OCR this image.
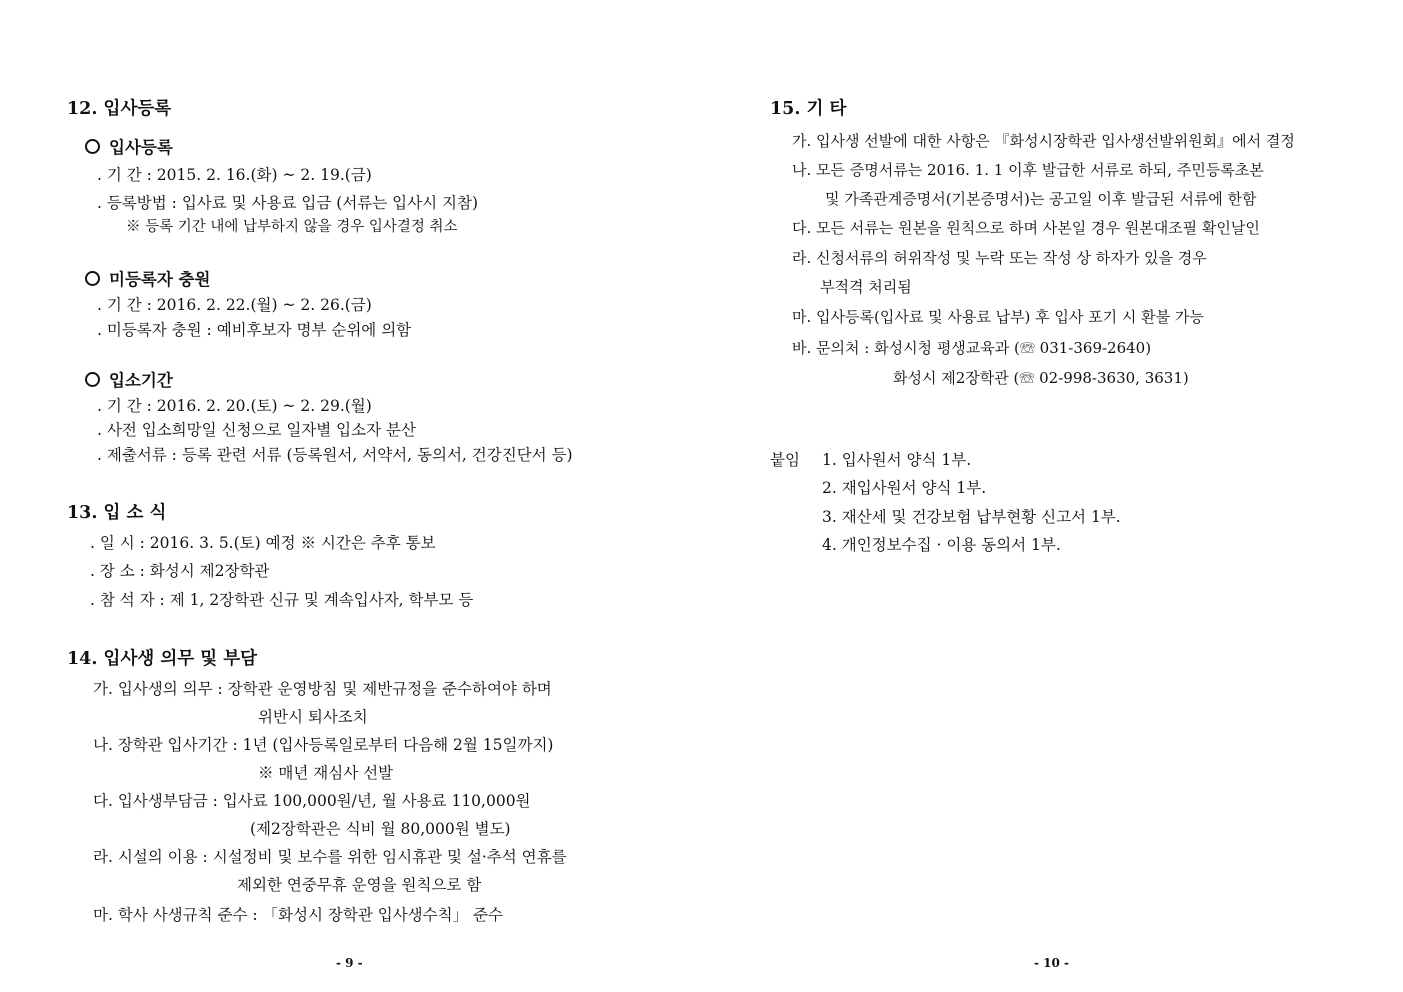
12. 입사등록
입사등록
. 기 간 : 2015. 2. 16.(화) ~ 2. 19.(금)
. 등록방법 : 입사료 및 사용료 입금 (서류는 입사시 지참)
※ 등록 기간 내에 납부하지 않을 경우 입사결정 취소
미등록자 충원
. 기 간 : 2016. 2. 22.(월) ~ 2. 26.(금)
. 미등록자 충원 : 예비후보자 명부 순위에 의함
입소기간
. 기 간 : 2016. 2. 20.(토) ~ 2. 29.(월)
. 사전 입소희망일 신청으로 일자별 입소자 분산
. 제출서류 : 등록 관련 서류 (등록원서, 서약서, 동의서, 건강진단서 등)
13. 입 소 식
. 일 시 : 2016. 3. 5.(토) 예정 ※ 시간은 추후 통보
. 장 소 : 화성시 제2장학관
. 참 석 자 : 제 1, 2장학관 신규 및 계속입사자, 학부모 등
14. 입사생 의무 및 부담
가. 입사생의 의무 : 장학관 운영방침 및 제반규정을 준수하여야 하며
위반시 퇴사조치
나. 장학관 입사기간 : 1년 (입사등록일로부터 다음해 2월 15일까지)
※ 매년 재심사 선발
다. 입사생부담금 : 입사료 100,000원/년, 월 사용료 110,000원
(제2장학관은 식비 월 80,000원 별도)
라. 시설의 이용 : 시설정비 및 보수를 위한 임시휴관 및 설·추석 연휴를
제외한 연중무휴 운영을 원칙으로 함
마. 학사 사생규칙 준수 : 「화성시 장학관 입사생수칙」 준수
- 9 -
15. 기 타
가. 입사생 선발에 대한 사항은 『화성시장학관 입사생선발위원회』에서 결정
나. 모든 증명서류는 2016. 1. 1 이후 발급한 서류로 하되, 주민등록초본
및 가족관계증명서(기본증명서)는 공고일 이후 발급된 서류에 한함
다. 모든 서류는 원본을 원칙으로 하며 사본일 경우 원본대조필 확인날인
라. 신청서류의 허위작성 및 누락 또는 작성 상 하자가 있을 경우
부적격 처리됨
마. 입사등록(입사료 및 사용료 납부) 후 입사 포기 시 환불 가능
바. 문의처 : 화성시청 평생교육과 (☏ 031-369-2640)
화성시 제2장학관 (☏ 02-998-3630, 3631)
붙임 1. 입사원서 양식 1부.
2. 재입사원서 양식 1부.
3. 재산세 및 건강보험 납부현황 신고서 1부.
4. 개인정보수집 · 이용 동의서 1부.
- 10 -
